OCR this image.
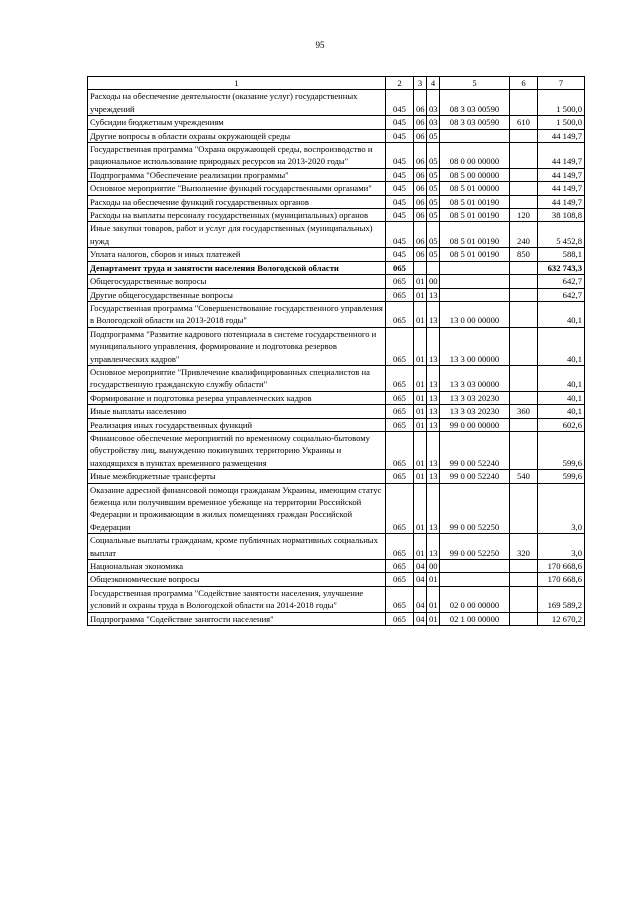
95
1	2	3	4	5	6	7
Расходы на обеспечение деятельности (оказание услуг) государственных учреждений	045	06	03	08 3 03 00590		1 500,0
Субсидии бюджетным учреждениям	045	06	03	08 3 03 00590	610	1 500,0
Другие вопросы в области охраны окружающей среды	045	06	05			44 149,7
Государственная программа "Охрана окружающей среды, воспроизводство и рациональное использование природных ресурсов на 2013-2020 годы"	045	06	05	08 0 00 00000		44 149,7
Подпрограмма "Обеспечение реализации программы"	045	06	05	08 5 00 00000		44 149,7
Основное мероприятие "Выполнение функций государственными органами"	045	06	05	08 5 01 00000		44 149,7
Расходы на обеспечение функций государственных органов	045	06	05	08 5 01 00190		44 149,7
Расходы на выплаты персоналу государственных (муниципальных) органов	045	06	05	08 5 01 00190	120	38 108,8
Иные закупки товаров, работ и услуг для государственных (муниципальных) нужд	045	06	05	08 5 01 00190	240	5 452,8
Уплата налогов, сборов и иных платежей	045	06	05	08 5 01 00190	850	588,1
Департамент труда и занятости населения Вологодской области	065					632 743,3
Общегосударственные вопросы	065	01	00			642,7
Другие общегосударственные вопросы	065	01	13			642,7
Государственная программа "Совершенствование государственного управления в Вологодской области на 2013-2018 годы"	065	01	13	13 0 00 00000		40,1
Подпрограмма "Развитие кадрового потенциала в системе государственного и муниципального управления, формирование и подготовка резервов управленческих кадров"	065	01	13	13 3 00 00000		40,1
Основное мероприятие "Привлечение квалифицированных специалистов на государственную гражданскую службу области"	065	01	13	13 3 03 00000		40,1
Формирование и подготовка резерва управленческих кадров	065	01	13	13 3 03 20230		40,1
Иные выплаты населению	065	01	13	13 3 03 20230	360	40,1
Реализация иных государственных функций	065	01	13	99 0 00 00000		602,6
Финансовое обеспечение мероприятий по временному социально-бытовому обустройству лиц, вынужденно покинувших территорию Украины и находящихся в пунктах временного размещения	065	01	13	99 0 00 52240		599,6
Иные межбюджетные трансферты	065	01	13	99 0 00 52240	540	599,6
Оказание адресной финансовой помощи гражданам Украины, имеющим статус беженца или получившим временное убежище на территории Российской Федерации и проживающим в жилых помещениях граждан Российской Федерации	065	01	13	99 0 00 52250		3,0
Социальные выплаты гражданам, кроме публичных нормативных социальных выплат	065	01	13	99 0 00 52250	320	3,0
Национальная экономика	065	04	00			170 668,6
Общеэкономические вопросы	065	04	01			170 668,6
Государственная программа "Содействие занятости населения, улучшение условий и охраны труда в Вологодской области на 2014-2018 годы"	065	04	01	02 0 00 00000		169 589,2
Подпрограмма "Содействие занятости населения"	065	04	01	02 1 00 00000		12 670,2
